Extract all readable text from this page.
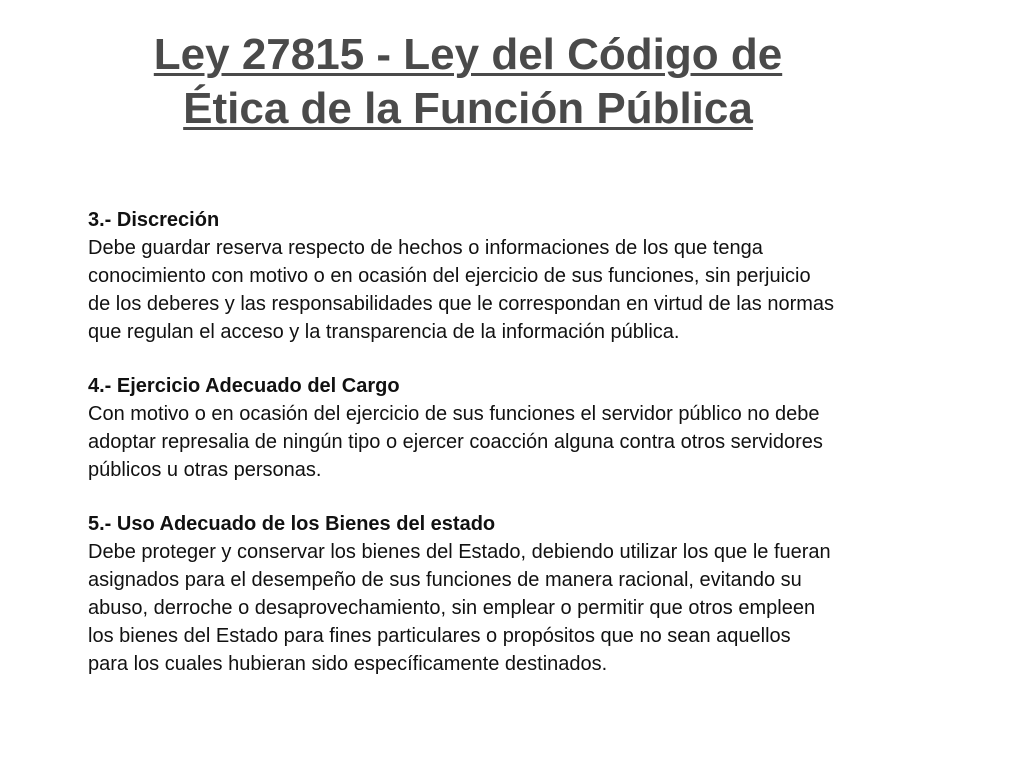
Ley 27815 - Ley del Código de
Ética de la Función Pública
3.- Discreción
Debe guardar reserva respecto de hechos o informaciones de los que tenga
conocimiento con motivo o en ocasión del ejercicio de sus funciones, sin perjuicio
de los deberes y las responsabilidades que le correspondan en virtud de las normas
que regulan el acceso y la transparencia de la información pública.
4.- Ejercicio Adecuado del Cargo
Con motivo o en ocasión del ejercicio de sus funciones el servidor público no debe
adoptar represalia de ningún tipo o ejercer coacción alguna contra otros servidores
públicos u otras personas.
5.- Uso Adecuado de los Bienes del estado
Debe proteger y conservar los bienes del Estado, debiendo utilizar los que le fueran
asignados para el desempeño de sus funciones de manera racional, evitando su
abuso, derroche o desaprovechamiento, sin emplear o permitir que otros empleen
los bienes del Estado para fines particulares o propósitos que no sean aquellos
para los cuales hubieran sido específicamente destinados.
